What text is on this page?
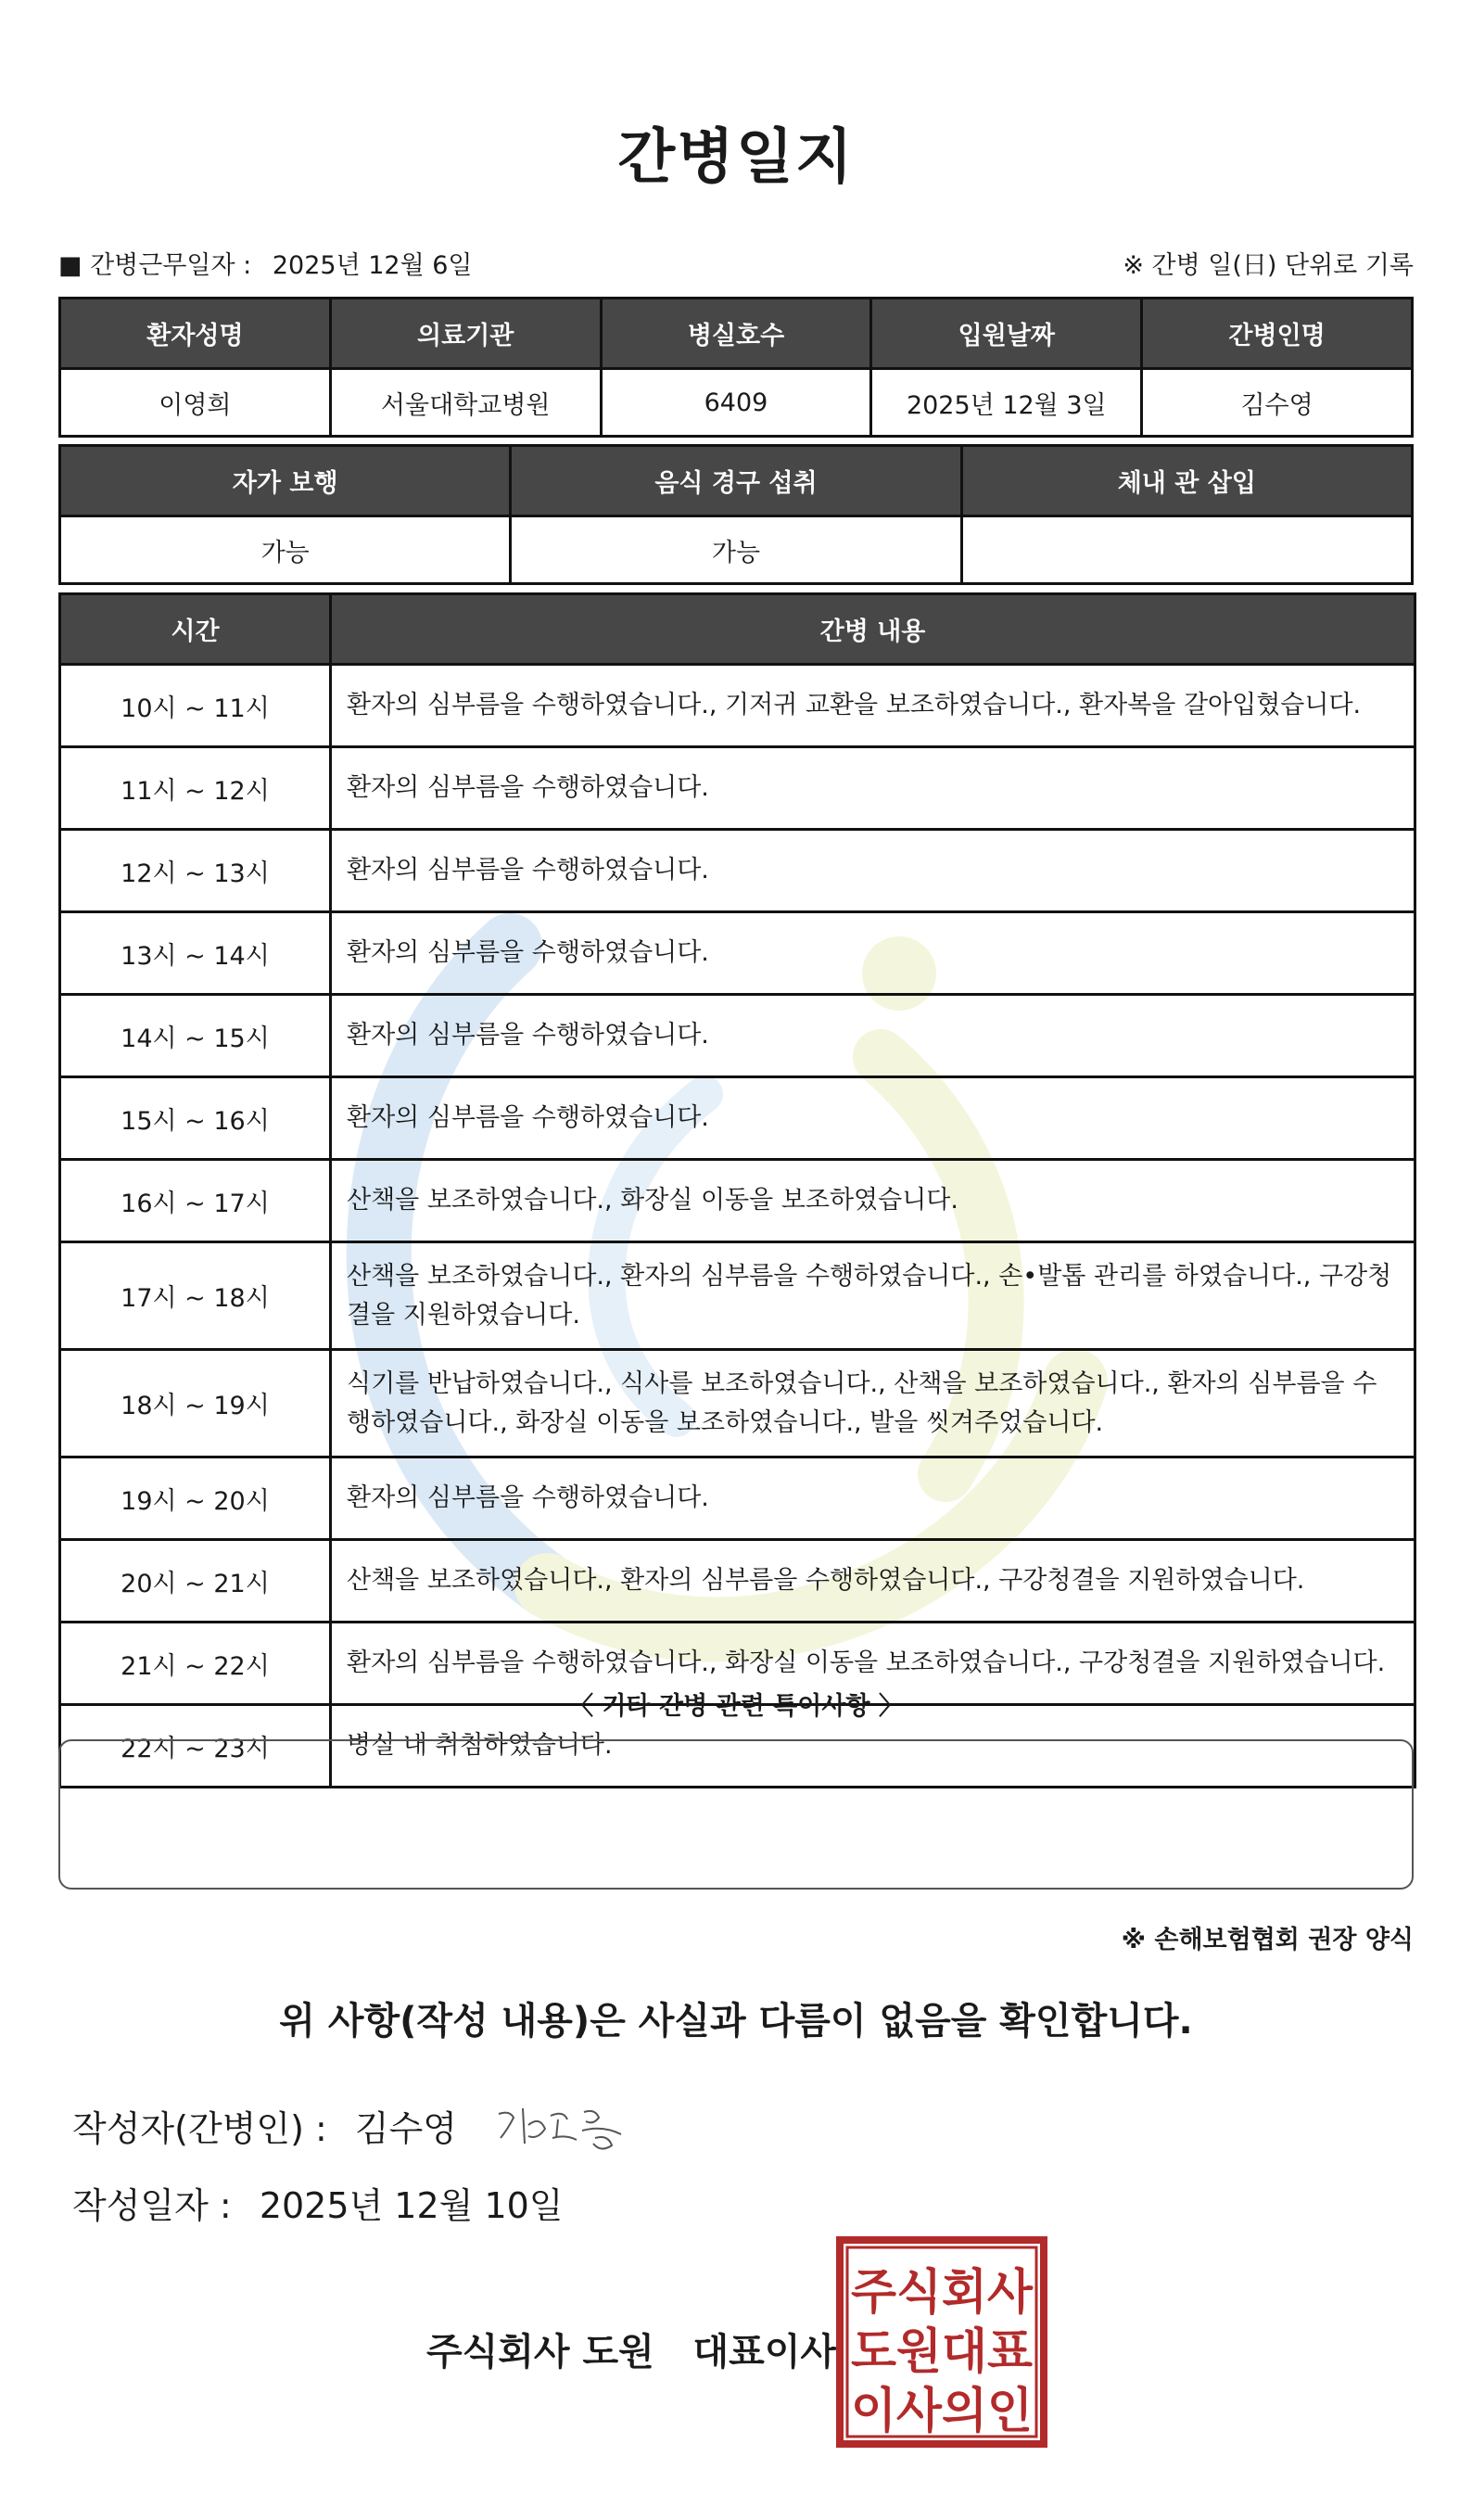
간병일지
■ 간병근무일자 : 2025년 12월 6일	※ 간병 일(日) 단위로 기록
환자성명	의료기관	병실호수	입원날짜	간병인명
이영희	서울대학교병원	6409	2025년 12월 3일	김수영
자가 보행	음식 경구 섭취	체내 관 삽입
가능	가능	
시간	간병 내용
10시 ~ 11시	환자의 심부름을 수행하였습니다., 기저귀 교환을 보조하였습니다., 환자복을 갈아입혔습니다.
11시 ~ 12시	환자의 심부름을 수행하였습니다.
12시 ~ 13시	환자의 심부름을 수행하였습니다.
13시 ~ 14시	환자의 심부름을 수행하였습니다.
14시 ~ 15시	환자의 심부름을 수행하였습니다.
15시 ~ 16시	환자의 심부름을 수행하였습니다.
16시 ~ 17시	산책을 보조하였습니다., 화장실 이동을 보조하였습니다.
17시 ~ 18시	산책을 보조하였습니다., 환자의 심부름을 수행하였습니다., 손•발톱 관리를 하였습니다., 구강청결을 지원하였습니다.
18시 ~ 19시	식기를 반납하였습니다., 식사를 보조하였습니다., 산책을 보조하였습니다., 환자의 심부름을 수행하였습니다., 화장실 이동을 보조하였습니다., 발을 씻겨주었습니다.
19시 ~ 20시	환자의 심부름을 수행하였습니다.
20시 ~ 21시	산책을 보조하였습니다., 환자의 심부름을 수행하였습니다., 구강청결을 지원하였습니다.
21시 ~ 22시	환자의 심부름을 수행하였습니다., 화장실 이동을 보조하였습니다., 구강청결을 지원하였습니다.
22시 ~ 23시	병실 내 취침하였습니다.
〈 기타 간병 관련 특이사항 〉
※ 손해보험협회 권장 양식
위 사항(작성 내용)은 사실과 다름이 없음을 확인합니다.
작성자(간병인) : 김수영
작성일자 : 2025년 12월 10일
주식회사 도원   대표이사
주식회사
도원대표
이사의인
